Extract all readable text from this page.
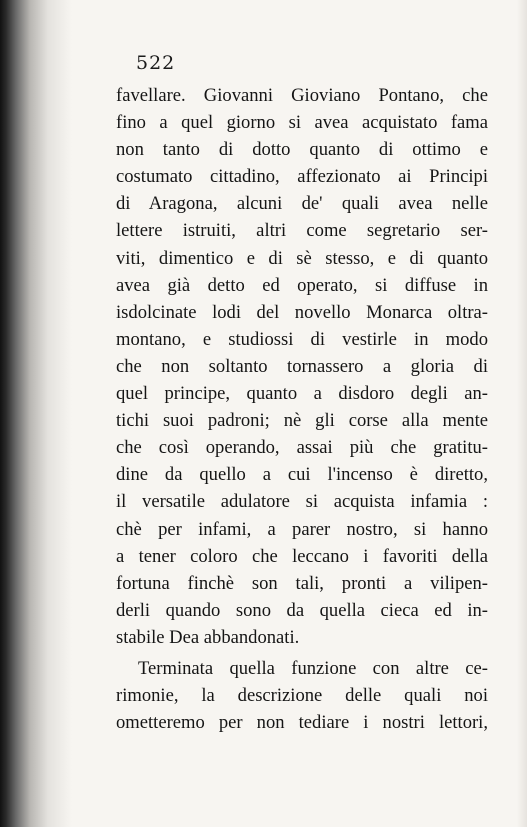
522
favellare. Giovanni Gioviano Pontano, che
fino a quel giorno si avea acquistato fama
non tanto di dotto quanto di ottimo e
costumato cittadino, affezionato ai Principi
di Aragona, alcuni de' quali avea nelle
lettere istruiti, altri come segretario ser-
viti, dimentico e di sè stesso, e di quanto
avea già detto ed operato, si diffuse in
isdolcinate lodi del novello Monarca oltra-
montano, e studiossi di vestirle in modo
che non soltanto tornassero a gloria di
quel principe, quanto a disdoro degli an-
tichi suoi padroni; nè gli corse alla mente
che così operando, assai più che gratitu-
dine da quello a cui l'incenso è diretto,
il versatile adulatore si acquista infamia :
chè per infami, a parer nostro, si hanno
a tener coloro che leccano i favoriti della
fortuna finchè son tali, pronti a vilipen-
derli quando sono da quella cieca ed in-
stabile Dea abbandonati.
Terminata quella funzione con altre ce-
rimonie, la descrizione delle quali noi
ometteremo per non tediare i nostri lettori,
